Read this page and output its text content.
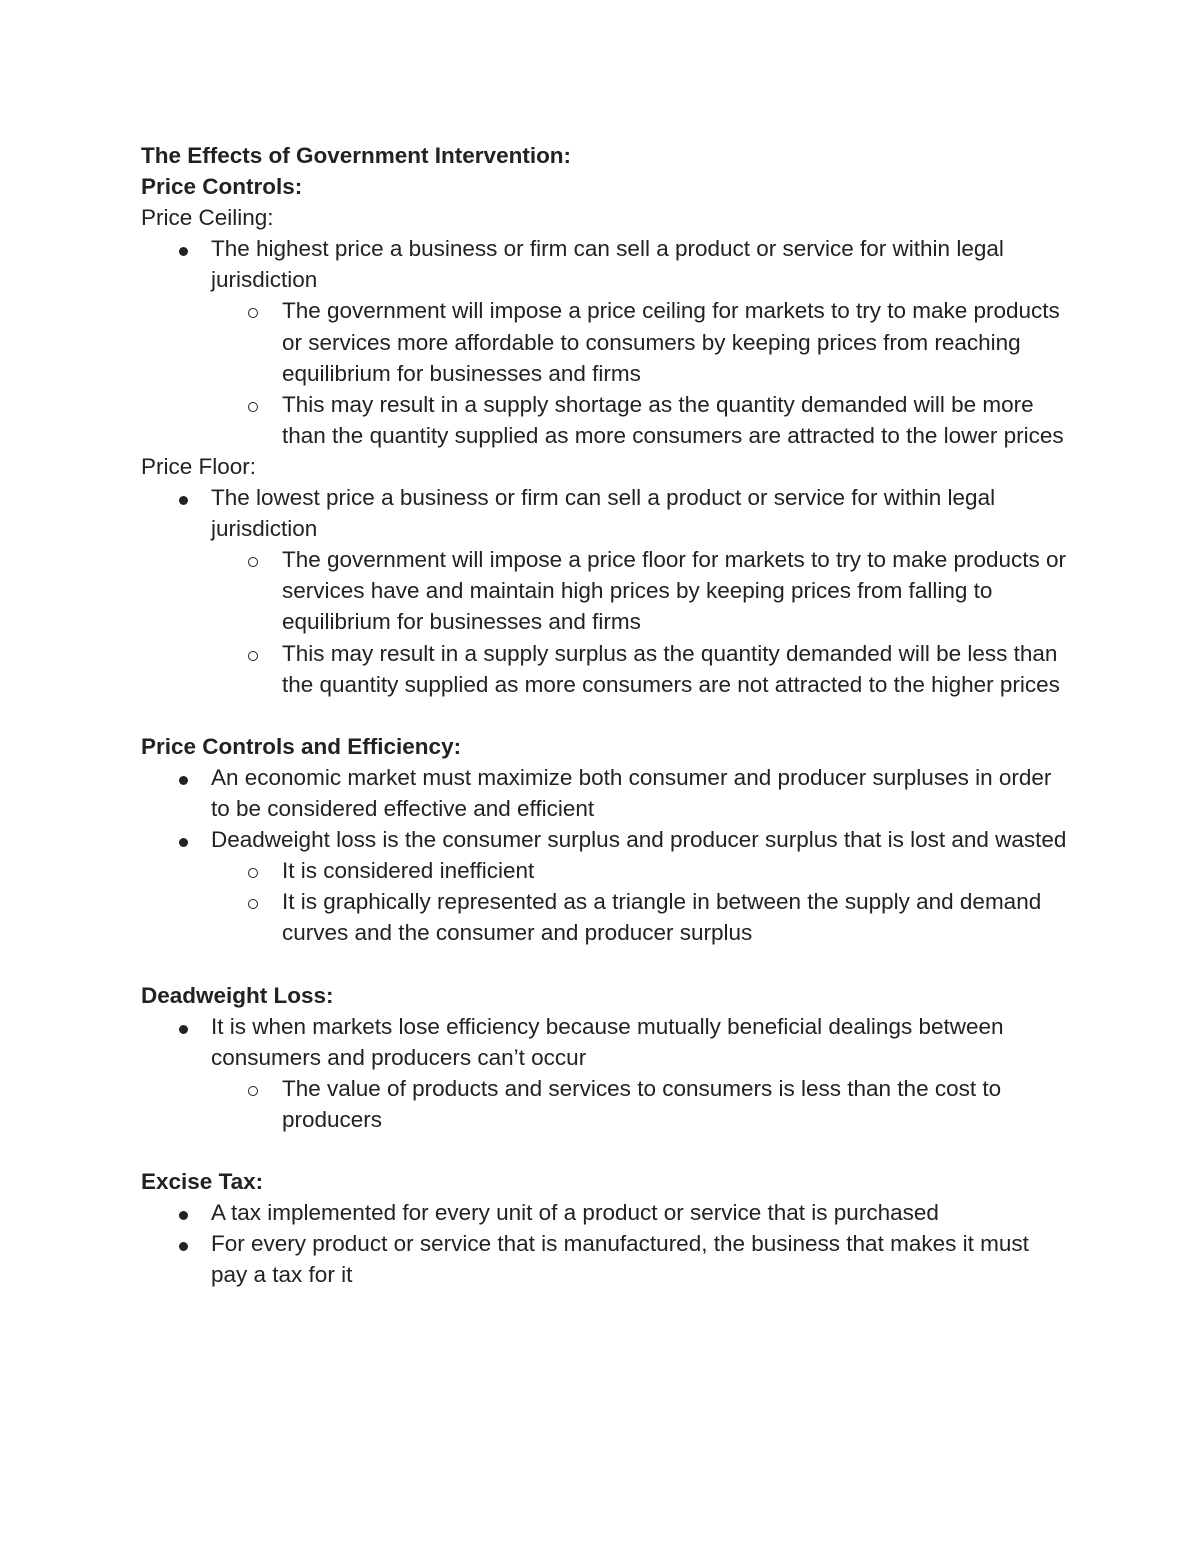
The Effects of Government Intervention:
Price Controls:
Price Ceiling:
The highest price a business or firm can sell a product or service for within legal jurisdiction
The government will impose a price ceiling for markets to try to make products or services more affordable to consumers by keeping prices from reaching equilibrium for businesses and firms
This may result in a supply shortage as the quantity demanded will be more than the quantity supplied as more consumers are attracted to the lower prices
Price Floor:
The lowest price a business or firm can sell a product or service for within legal jurisdiction
The government will impose a price floor for markets to try to make products or services have and maintain high prices by keeping prices from falling to equilibrium for businesses and firms
This may result in a supply surplus as the quantity demanded will be less than the quantity supplied as more consumers are not attracted to the higher prices
Price Controls and Efficiency:
An economic market must maximize both consumer and producer surpluses in order to be considered effective and efficient
Deadweight loss is the consumer surplus and producer surplus that is lost and wasted
It is considered inefficient
It is graphically represented as a triangle in between the supply and demand curves and the consumer and producer surplus
Deadweight Loss:
It is when markets lose efficiency because mutually beneficial dealings between consumers and producers can’t occur
The value of products and services to consumers is less than the cost to producers
Excise Tax:
A tax implemented for every unit of a product or service that is purchased
For every product or service that is manufactured, the business that makes it must pay a tax for it
